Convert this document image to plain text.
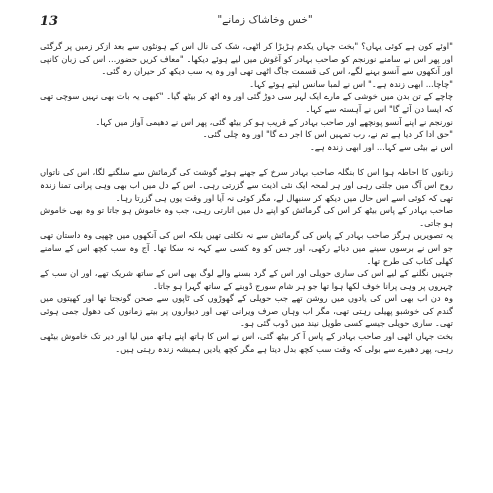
13	"خس وخاشاک زمانے"

"اوئے کون ہے کوئی یہاں؟ "بخت جہاں یکدم ہڑبڑا کر اٹھی، شک کی نال اس کے ہونٹوں سے بعد ازکر زمیں پر گرگئی اور پھر اس نے سامنے نورنجم کو صاحب بہادر کو آغوش میں لیے ہوئے دیکھا۔ "معاف کریں حضور... اس کی زبان کانپی اور آنکھوں سے آنسو بہنے لگے، اس کی قسمت جاگ اٹھی تھی اور وہ یہ سب دیکھ کر حیران رہ گئی۔

"چاچا... ابھی زندہ ہے۔" اس نے لمبا سانس لیتے ہوئے کہا۔

چاچے کے تن بدن میں خوشی کے مارے ایک لہر سی دوڑ گئی اور وہ اٹھ کر بیٹھ گیا۔ "کبھی یہ بات بھی نہیں سوچی تھی کہ ایسا دن آئے گا" اس نے آہستہ سے کہا۔

نورنجم نے اپنے آنسو پونچھے اور صاحب بہادر کے قریب ہو کر بیٹھ گئی، پھر اس نے دھیمی آواز میں کہا۔

"حق ادا کر دیا ہے تم نے، رب تمہیں اس کا اجر دے گا" اور وہ چلی گئی۔

اس نے بیٹی سے کہا... اور ابھی زندہ ہے۔

زنانوں کا احاطہ ہوا اس کا بنگلہ صاحب بہادر سرخ کے جھنے ہوئے گوشت کی گرمائش سے سلگنے لگا، اس کی ناتواں روح اس آگ میں جلتی رہی اور ہر لمحہ ایک نئی اذیت سے گزرتی رہی۔ اس کے دل میں اب بھی وہی پرانی تمنا زندہ تھی کہ کوئی اسے اس حال میں دیکھ کر سنبھال لے، مگر کوئی نہ آیا اور وقت یوں ہی گزرتا رہا۔

صاحب بہادر کے پاس بیٹھ کر اس کی گرمائش کو اپنے دل میں اتارتی رہی، جب وہ خاموش ہو جاتا تو وہ بھی خاموش ہو جاتی۔

یہ تصویریں ہرگز صاحب بہادر کے پاس کی گرمائش سے نہ نکلتی تھیں بلکہ اس کی آنکھوں میں چھپی وہ داستان تھی جو اس نے برسوں سینے میں دبائے رکھی، اور جس کو وہ کسی سے کہہ نہ سکا تھا۔ آج وہ سب کچھ اس کے سامنے کھلی کتاب کی طرح تھا۔

جنہیں نگلنے کے لیے اس کی ساری حویلی اور اس کے گرد بسنے والے لوگ بھی اس کے ساتھ شریک تھے، اور ان سب کے چہروں پر وہی پرانا خوف لکھا ہوا تھا جو ہر شام سورج ڈوبنے کے ساتھ گہرا ہو جاتا۔

وہ دن اب بھی اس کی یادوں میں روشن تھے جب حویلی کے گھوڑوں کی ٹاپوں سے صحن گونجتا تھا اور کھیتوں میں گندم کی خوشبو پھیلی رہتی تھی، مگر اب وہاں صرف ویرانی تھی اور دیواروں پر بیتے زمانوں کی دھول جمی ہوئی تھی۔ ساری حویلی جیسے کسی طویل نیند میں ڈوب گئی ہو۔

بخت جہاں اٹھی اور صاحب بہادر کے پاس آ کر بیٹھ گئی، اس نے اس کا ہاتھ اپنے ہاتھ میں لیا اور دیر تک خاموش بیٹھی رہی، پھر دھیرے سے بولی کہ وقت سب کچھ بدل دیتا ہے مگر کچھ یادیں ہمیشہ زندہ رہتی ہیں۔
